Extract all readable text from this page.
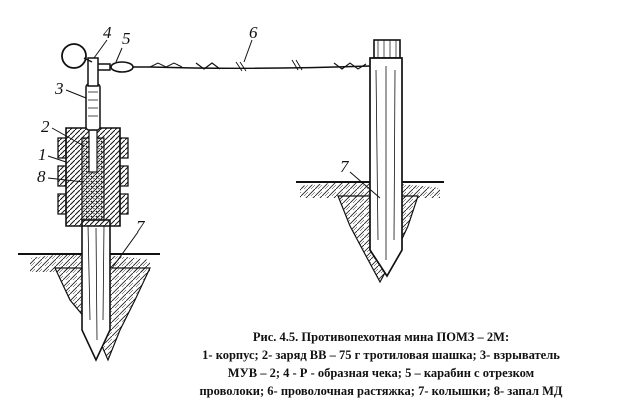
4 5	6
3
2
1
8
7
7
Рис. 4.5. Противопехотная мина ПОМЗ – 2М:
1- корпус; 2- заряд ВВ – 75 г тротиловая шашка; 3- взрыватель
МУВ – 2; 4 - Р - образная чека; 5 – карабин с отрезком
проволоки; 6- проволочная растяжка; 7- колышки; 8- запал МД
